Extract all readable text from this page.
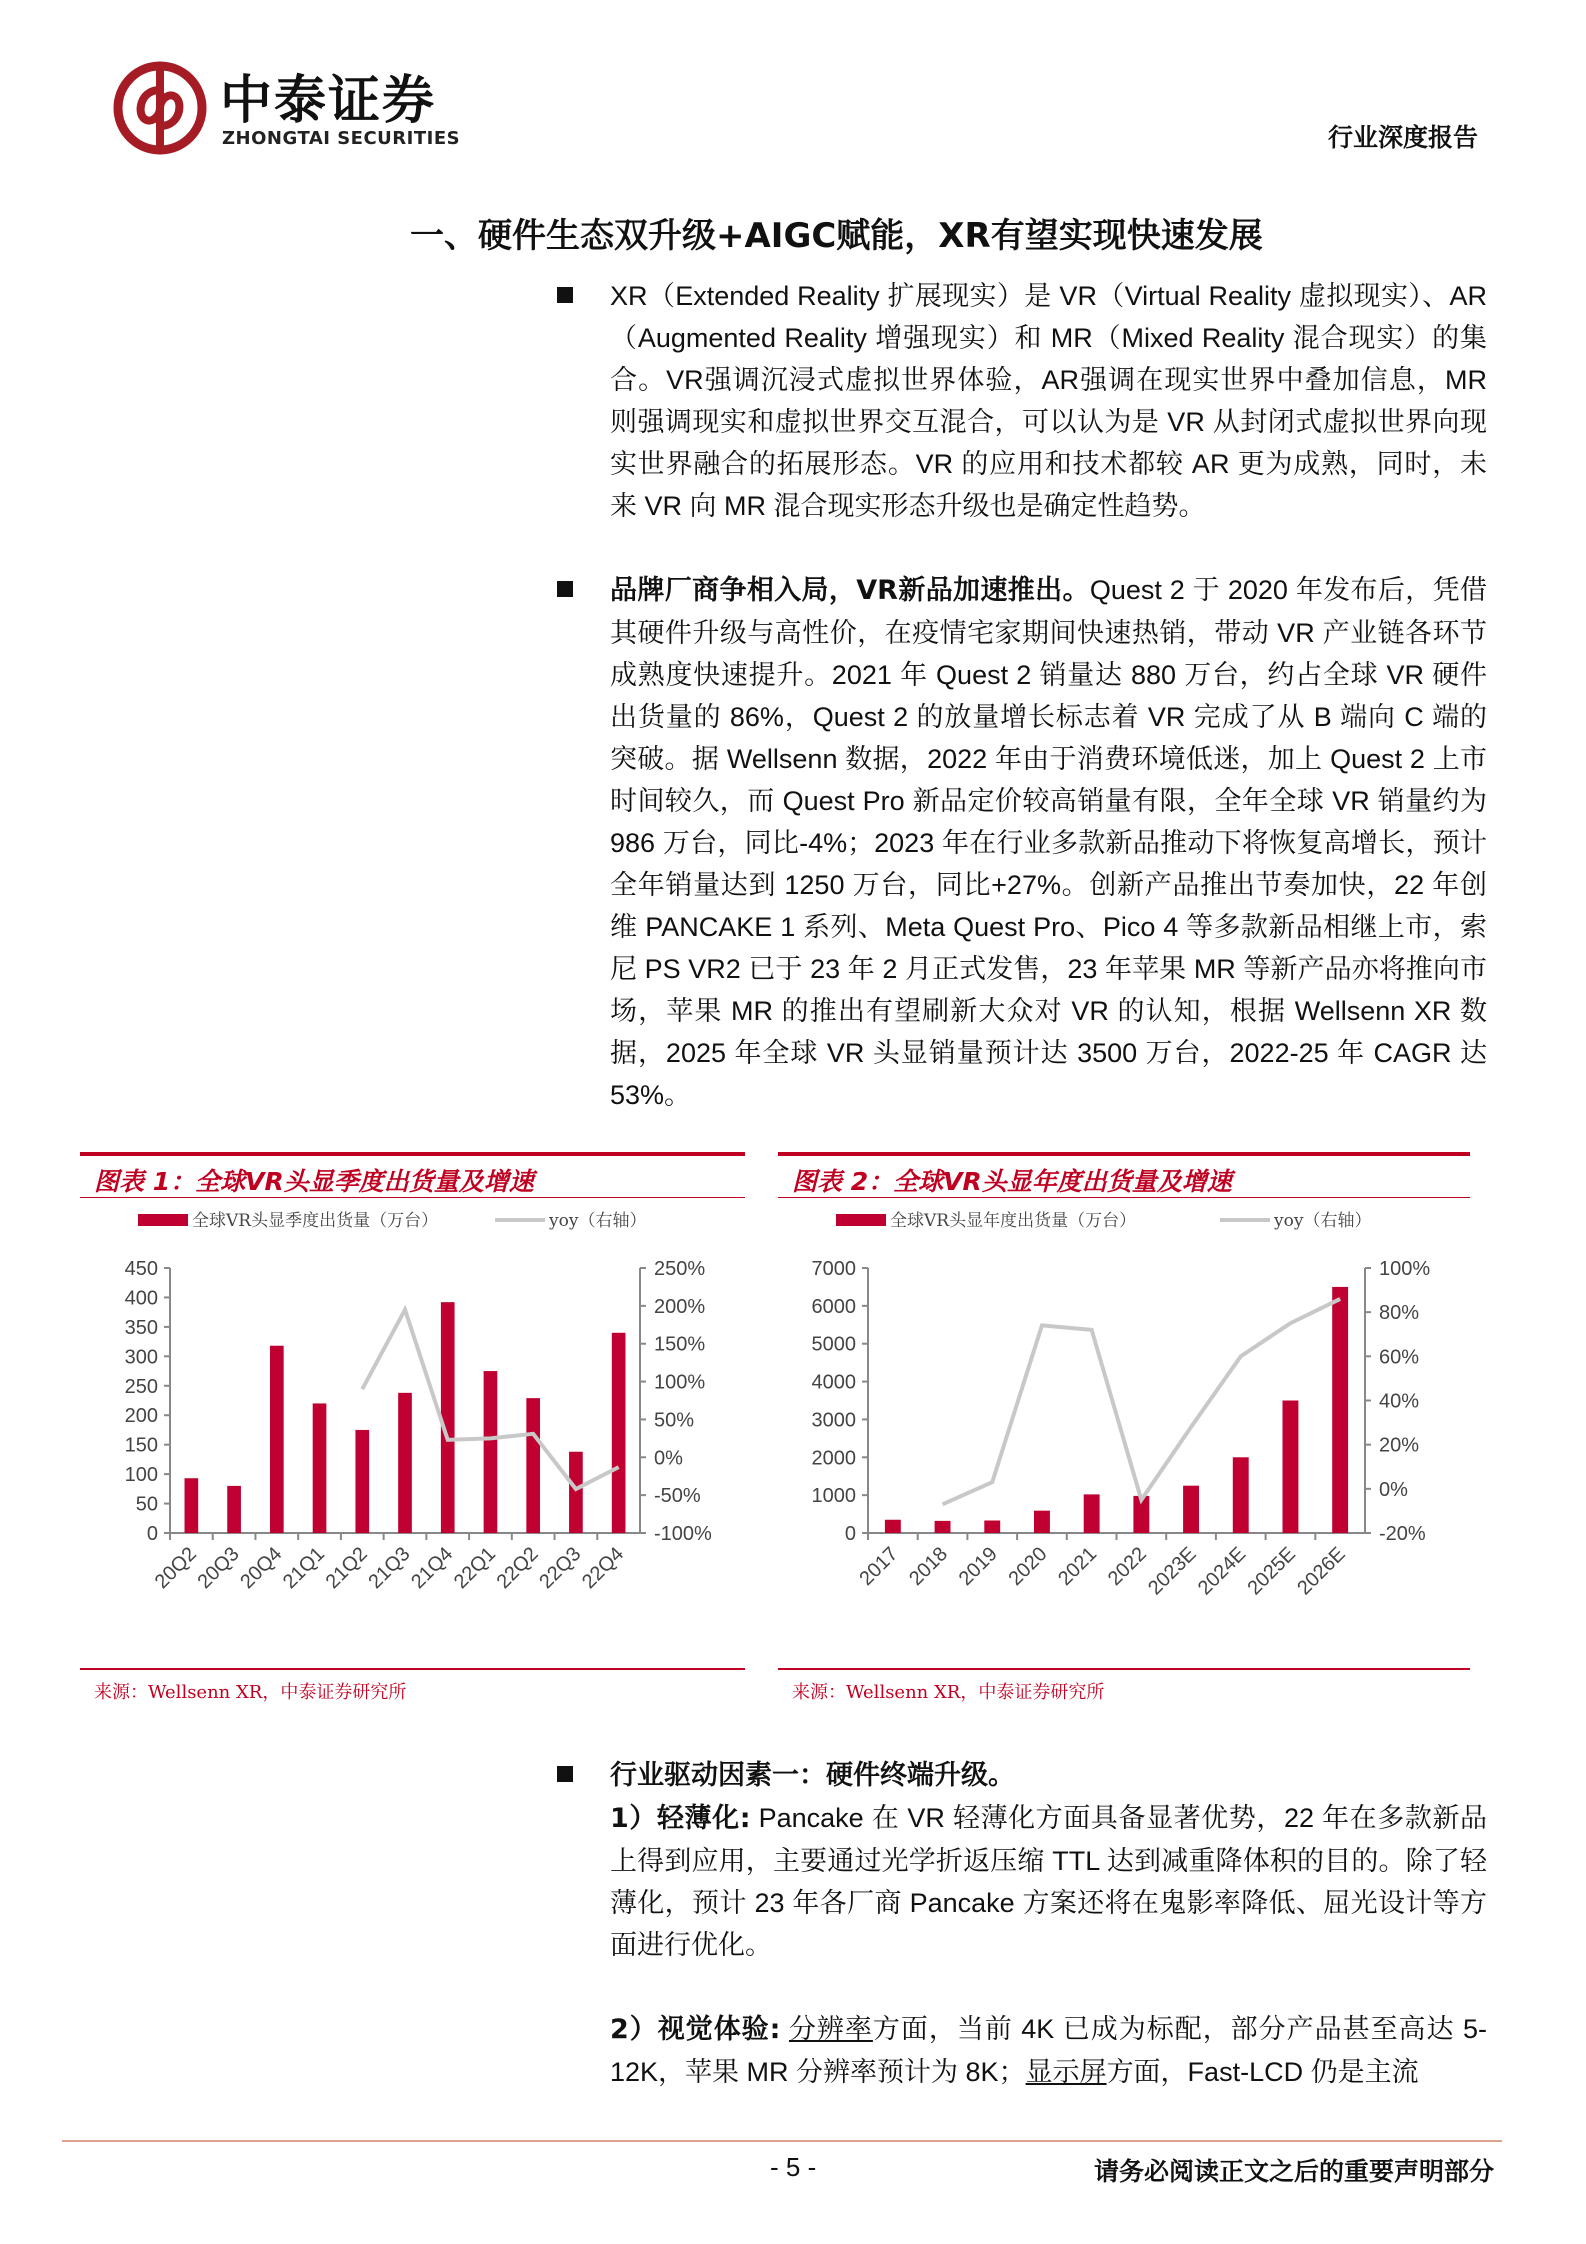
中泰证券
ZHONGTAI SECURITIES	行业深度报告
一、硬件生态双升级+AIGC赋能，XR有望实现快速发展
XR（Extended Reality 扩展现实）是 VR（Virtual Reality 虚拟现实）、AR（Augmented Reality 增强现实）和 MR（Mixed Reality 混合现实）的集合。VR强调沉浸式虚拟世界体验，AR强调在现实世界中叠加信息，MR 则强调现实和虚拟世界交互混合，可以认为是 VR 从封闭式虚拟世界向现实世界融合的拓展形态。VR 的应用和技术都较 AR 更为成熟，同时，未来 VR 向 MR 混合现实形态升级也是确定性趋势。
品牌厂商争相入局，VR新品加速推出。Quest 2 于 2020 年发布后，凭借其硬件升级与高性价，在疫情宅家期间快速热销，带动 VR 产业链各环节成熟度快速提升。2021 年 Quest 2 销量达 880 万台，约占全球 VR 硬件出货量的 86%，Quest 2 的放量增长标志着 VR 完成了从 B 端向 C 端的突破。据 Wellsenn 数据，2022 年由于消费环境低迷，加上 Quest 2 上市时间较久，而 Quest Pro 新品定价较高销量有限，全年全球 VR 销量约为 986 万台，同比-4%；2023 年在行业多款新品推动下将恢复高增长，预计全年销量达到 1250 万台，同比+27%。创新产品推出节奏加快，22 年创维 PANCAKE 1 系列、Meta Quest Pro、Pico 4 等多款新品相继上市，索尼 PS VR2 已于 23 年 2 月正式发售，23 年苹果 MR 等新产品亦将推向市场，苹果 MR 的推出有望刷新大众对 VR 的认知，根据 Wellsenn XR 数据，2025 年全球 VR 头显销量预计达 3500 万台，2022-25 年 CAGR 达 53%。
图表 1：全球VR头显季度出货量及增速
全球VR头显季度出货量（万台）	yoy（右轴）
0
50
100
150
200
250
300
350
400
450
-100%
-50%
0%
50%
100%
150%
200%
250%
20Q2
20Q3
20Q4
21Q1
21Q2
21Q3
21Q4
22Q1
22Q2
22Q3
22Q4
来源：Wellsenn XR，中泰证券研究所
图表 2：全球VR头显年度出货量及增速
全球VR头显年度出货量（万台）	yoy（右轴）
0
1000
2000
3000
4000
5000
6000
7000
-20%
0%
20%
40%
60%
80%
100%
2017 2018 2019 2020 2021 2022
2023E
2024E
2025E
2026E
来源：Wellsenn XR，中泰证券研究所
行业驱动因素一：硬件终端升级。
1）轻薄化: Pancake 在 VR 轻薄化方面具备显著优势，22 年在多款新品上得到应用，主要通过光学折返压缩 TTL 达到减重降体积的目的。除了轻薄化，预计 23 年各厂商 Pancake 方案还将在鬼影率降低、屈光设计等方面进行优化。
2）视觉体验: 分辨率方面，当前 4K 已成为标配，部分产品甚至高达 5-12K，苹果 MR 分辨率预计为 8K；显示屏方面，Fast-LCD 仍是主流
- 5 -	请务必阅读正文之后的重要声明部分
